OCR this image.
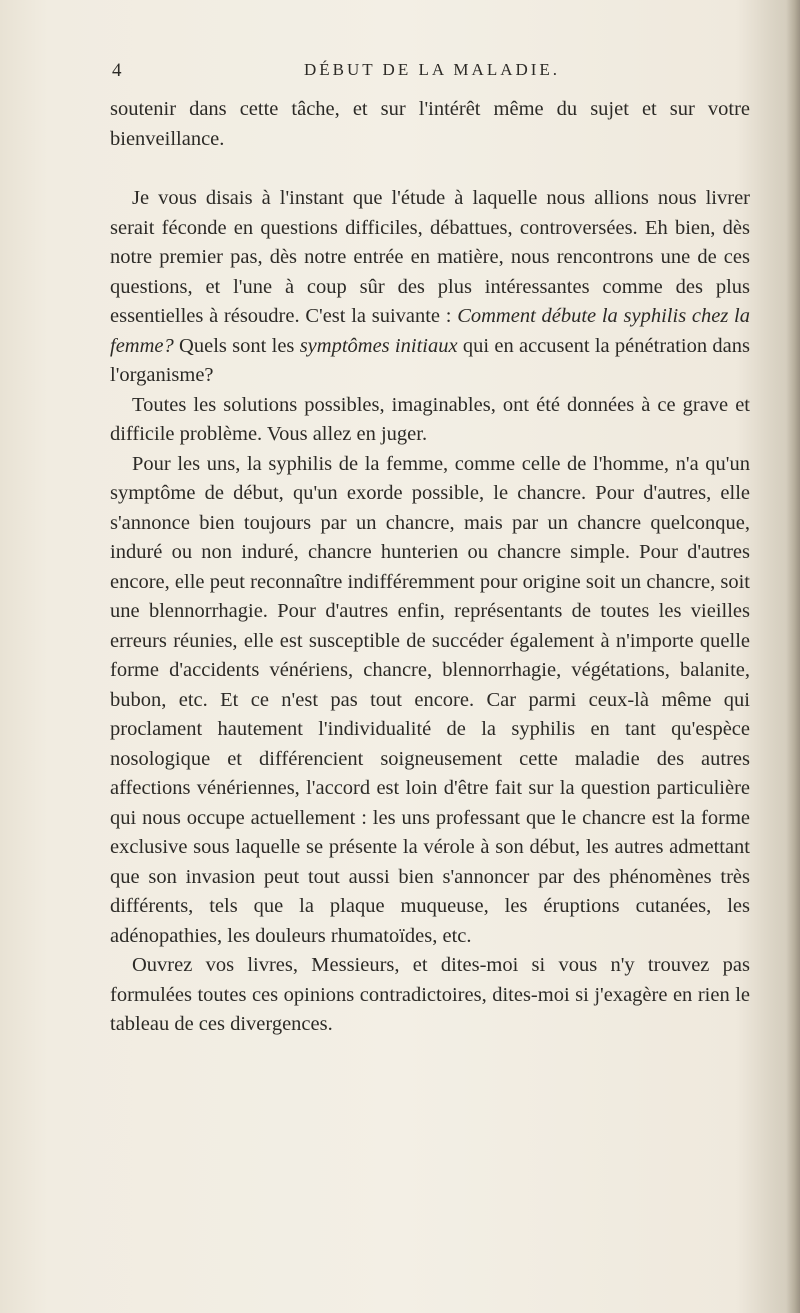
4	DÉBUT DE LA MALADIE.

soutenir dans cette tâche, et sur l'intérêt même du sujet et sur votre bienveillance.

Je vous disais à l'instant que l'étude à laquelle nous allions nous livrer serait féconde en questions difficiles, débattues, controversées. Eh bien, dès notre premier pas, dès notre entrée en matière, nous rencontrons une de ces questions, et l'une à coup sûr des plus intéressantes comme des plus essentielles à résoudre. C'est la suivante : Comment débute la syphilis chez la femme? Quels sont les symptômes initiaux qui en accusent la pénétration dans l'organisme?

Toutes les solutions possibles, imaginables, ont été données à ce grave et difficile problème. Vous allez en juger.

Pour les uns, la syphilis de la femme, comme celle de l'homme, n'a qu'un symptôme de début, qu'un exorde possible, le chancre. Pour d'autres, elle s'annonce bien toujours par un chancre, mais par un chancre quelconque, induré ou non induré, chancre hunterien ou chancre simple. Pour d'autres encore, elle peut reconnaître indifféremment pour origine soit un chancre, soit une blennorrhagie. Pour d'autres enfin, représentants de toutes les vieilles erreurs réunies, elle est susceptible de succéder également à n'importe quelle forme d'accidents vénériens, chancre, blennorrhagie, végétations, balanite, bubon, etc. Et ce n'est pas tout encore. Car parmi ceux-là même qui proclament hautement l'individualité de la syphilis en tant qu'espèce nosologique et différencient soigneusement cette maladie des autres affections vénériennes, l'accord est loin d'être fait sur la question particulière qui nous occupe actuellement : les uns professant que le chancre est la forme exclusive sous laquelle se présente la vérole à son début, les autres admettant que son invasion peut tout aussi bien s'annoncer par des phénomènes très différents, tels que la plaque muqueuse, les éruptions cutanées, les adénopathies, les douleurs rhumatoïdes, etc.

Ouvrez vos livres, Messieurs, et dites-moi si vous n'y trouvez pas formulées toutes ces opinions contradictoires, dites-moi si j'exagère en rien le tableau de ces divergences.
